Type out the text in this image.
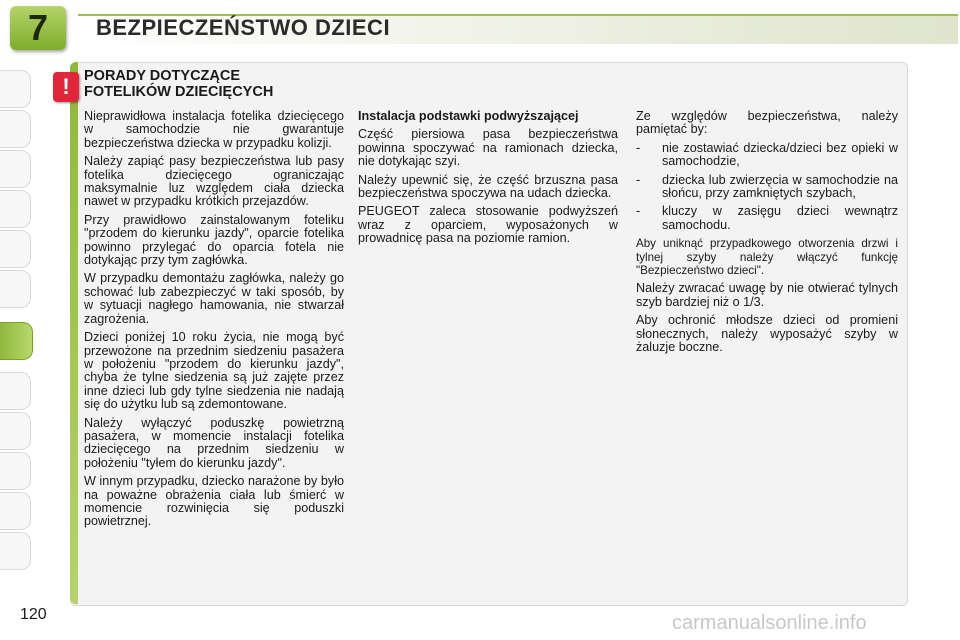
7 BEZPIECZEŃSTWO DZIECI
! PORADY DOTYCZĄCE
FOTELIKÓW DZIECIĘCYCH

Nieprawidłowa instalacja fotelika dziecięcego w samochodzie nie gwarantuje bezpieczeństwa dziecka w przypadku kolizji.

Należy zapiąć pasy bezpieczeństwa lub pasy fotelika dziecięcego ograniczając maksymalnie luz względem ciała dziecka nawet w przypadku krótkich przejazdów.

Przy prawidłowo zainstalowanym foteliku "przodem do kierunku jazdy", oparcie fotelika powinno przylegać do oparcia fotela nie dotykając przy tym zagłówka.

W przypadku demontażu zagłówka, należy go schować lub zabezpieczyć w taki sposób, by w sytuacji nagłego hamowania, nie stwarzał zagrożenia.

Dzieci poniżej 10 roku życia, nie mogą być przewożone na przednim siedzeniu pasażera w położeniu "przodem do kierunku jazdy", chyba że tylne siedzenia są już zajęte przez inne dzieci lub gdy tylne siedzenia nie nadają się do użytku lub są zdemontowane.

Należy wyłączyć poduszkę powietrzną pasażera, w momencie instalacji fotelika dziecięcego na przednim siedzeniu w położeniu "tyłem do kierunku jazdy".

W innym przypadku, dziecko narażone by było na poważne obrażenia ciała lub śmierć w momencie rozwinięcia się poduszki powietrznej.

Instalacja podstawki podwyższającej

Część piersiowa pasa bezpieczeństwa powinna spoczywać na ramionach dziecka, nie dotykając szyi.

Należy upewnić się, że część brzuszna pasa bezpieczeństwa spoczywa na udach dziecka.

PEUGEOT zaleca stosowanie podwyższeń wraz z oparciem, wyposażonych w prowadnicę pasa na poziomie ramion.

Ze względów bezpieczeństwa, należy pamiętać by:

-	nie zostawiać dziecka/dzieci bez opieki w samochodzie,
-	dziecka lub zwierzęcia w samochodzie na słońcu, przy zamkniętych szybach,
-	kluczy w zasięgu dzieci wewnątrz samochodu.

Aby uniknąć przypadkowego otworzenia drzwi i tylnej szyby należy włączyć funkcję "Bezpieczeństwo dzieci".

Należy zwracać uwagę by nie otwierać tylnych szyb bardziej niż o 1/3.

Aby ochronić młodsze dzieci od promieni słonecznych, należy wyposażyć szyby w żaluzje boczne.

120	carmanualsonline.info
